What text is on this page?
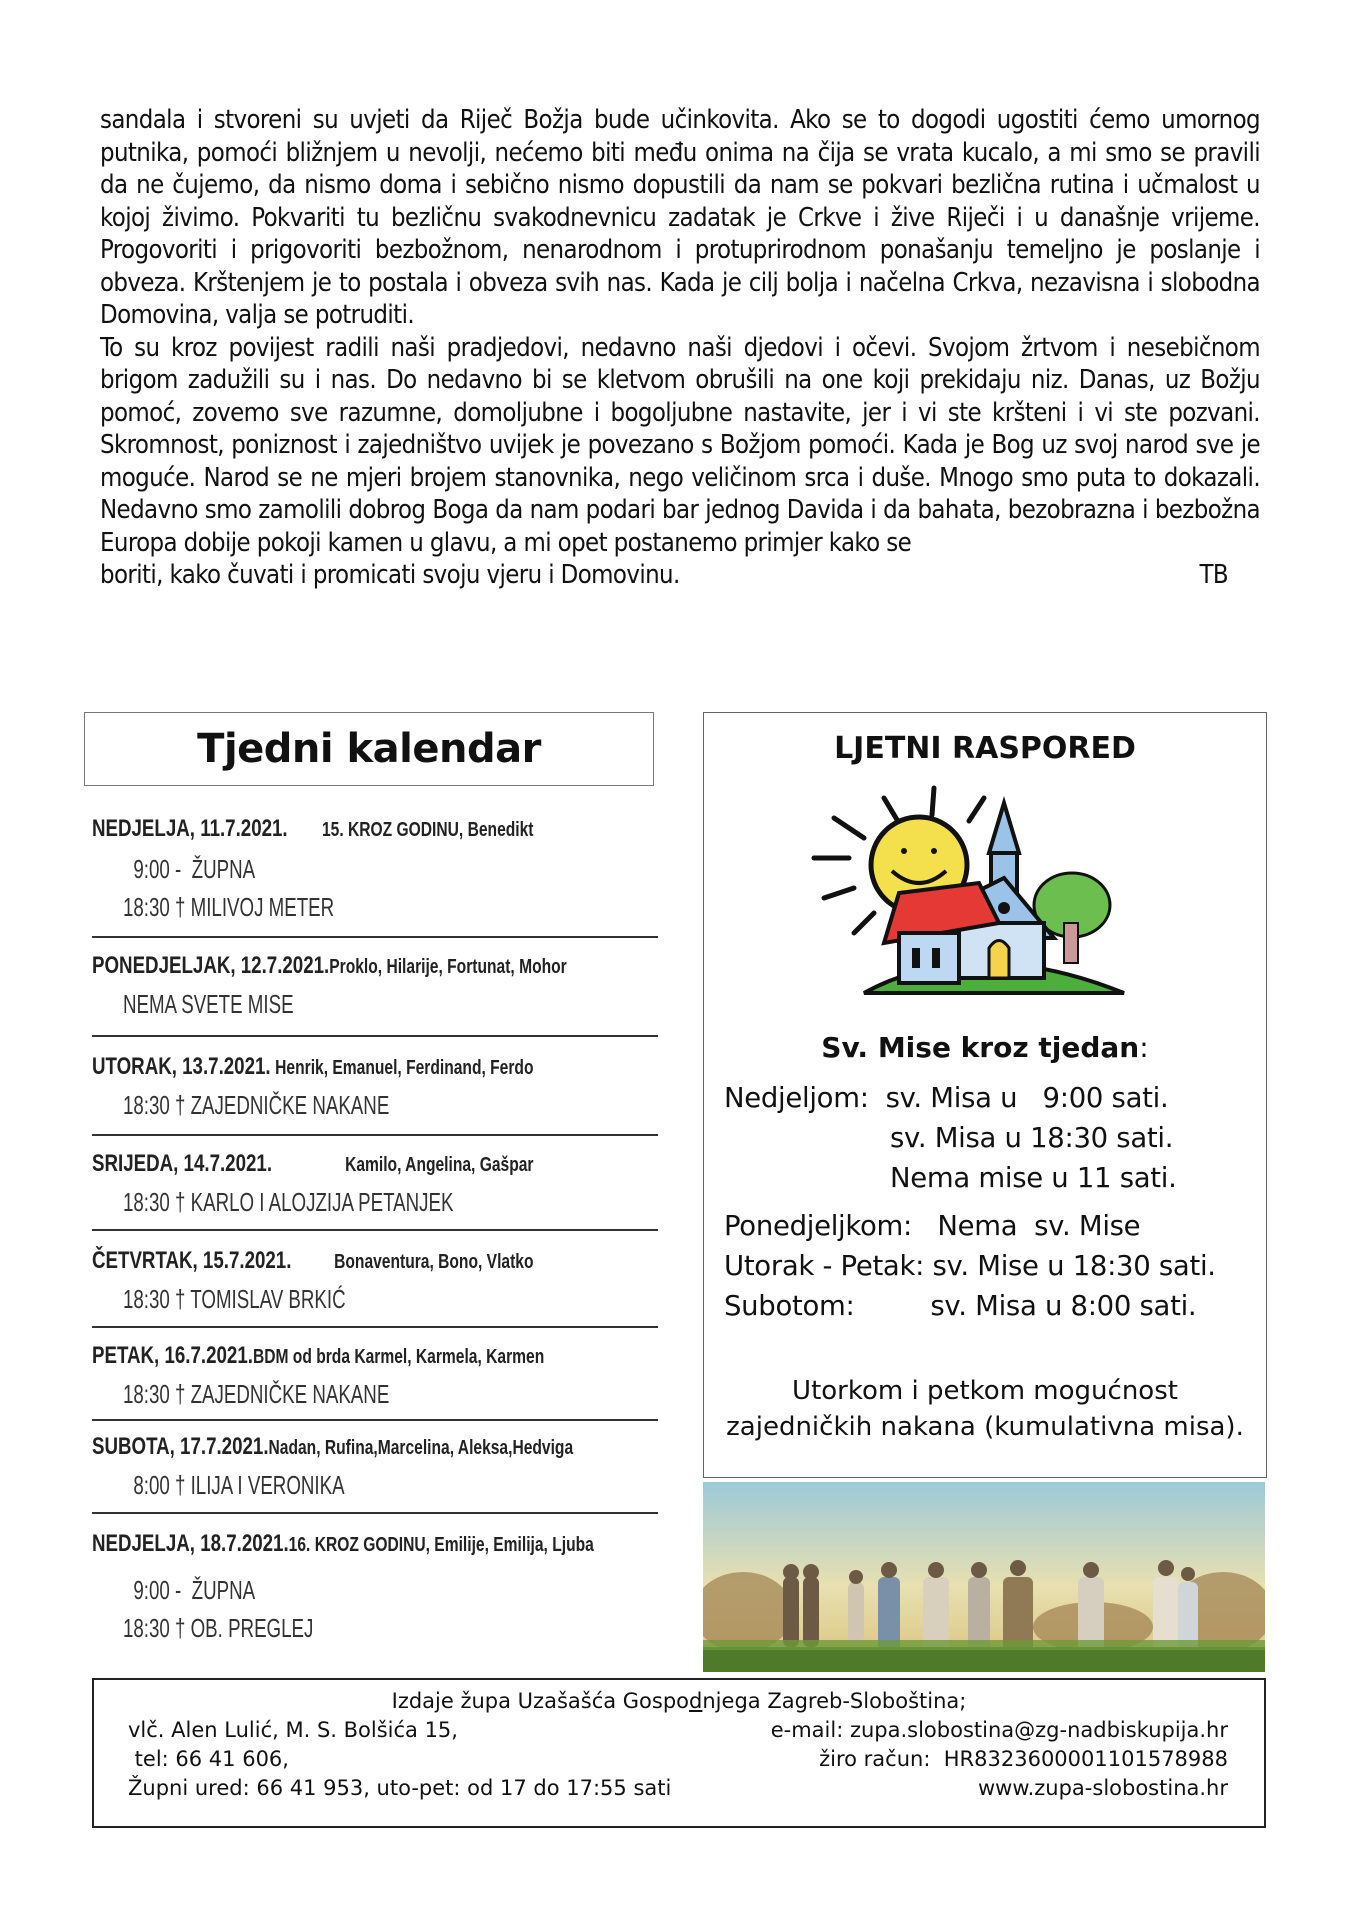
sandala i stvoreni su uvjeti da Riječ Božja bude učinkovita. Ako se to dogodi ugostiti ćemo umornog putnika, pomoći bližnjem u nevolji, nećemo biti među onima na čija se vrata kucalo, a mi smo se pravili da ne čujemo, da nismo doma i sebično nismo dopustili da nam se pokvari bezlična rutina i učmalost u kojoj živimo. Pokvariti tu bezličnu svakodnevnicu zadatak je Crkve i žive Riječi i u današnje vrijeme. Progovoriti i prigovoriti bezbožnom, nenarodnom i protuprirodnom ponašanju temeljno je poslanje i obveza. Krštenjem je to postala i obveza svih nas. Kada je cilj bolja i načelna Crkva, nezavisna i slobodna Domovina, valja se potruditi.

To su kroz povijest radili naši pradjedovi, nedavno naši djedovi i očevi. Svojom žrtvom i nesebičnom brigom zadužili su i nas. Do nedavno bi se kletvom obrušili na one koji prekidaju niz. Danas, uz Božju pomoć, zovemo sve razumne, domoljubne i bogoljubne nastavite, jer i vi ste kršteni i vi ste pozvani. Skromnost, poniznost i zajedništvo uvijek je povezano s Božjom pomoći. Kada je Bog uz svoj narod sve je moguće. Narod se ne mjeri brojem stanovnika, nego veličinom srca i duše. Mnogo smo puta to dokazali. Nedavno smo zamolili dobrog Boga da nam podari bar jednog Davida i da bahata, bezobrazna i bezbožna Europa dobije pokoji kamen u glavu, a mi opet postanemo primjer kako se

boriti, kako čuvati i promicati svoju vjeru i Domovinu.	TB
Tjedni kalendar
NEDJELJA, 11.7.2021.	15. KROZ GODINU, Benedikt
9:00 -  ŽUPNA
18:30 † MILIVOJ METER
PONEDJELJAK, 12.7.2021. Proklo, Hilarije, Fortunat, Mohor
NEMA SVETE MISE
UTORAK, 13.7.2021. Henrik, Emanuel, Ferdinand, Ferdo
18:30 † ZAJEDNIČKE NAKANE
SRIJEDA, 14.7.2021.	Kamilo, Angelina, Gašpar
18:30 † KARLO I ALOJZIJA PETANJEK
ČETVRTAK, 15.7.2021.	Bonaventura, Bono, Vlatko
18:30 † TOMISLAV BRKIĆ
PETAK, 16.7.2021. BDM od brda Karmel, Karmela, Karmen
18:30 † ZAJEDNIČKE NAKANE
SUBOTA, 17.7.2021. Nadan, Rufina,Marcelina, Aleksa,Hedviga
8:00 † ILIJA I VERONIKA
NEDJELJA, 18.7.2021. 16. KROZ GODINU, Emilije, Emilija, Ljuba
9:00 -  ŽUPNA
18:30 † OB. PREGLEJ
LJETNI RASPORED
Sv. Mise kroz tjedan:
Nedjeljom: sv. Misa u   9:00 sati.
sv. Misa u 18:30 sati.
Nema mise u 11 sati.
Ponedjeljkom: Nema  sv. Mise
Utorak - Petak: sv. Mise u 18:30 sati.
Subotom: sv. Misa u 8:00 sati.
Utorkom i petkom mogućnost
zajedničkih nakana (kumulativna misa).
Izdaje župa Uzašašća Gospodnjega Zagreb-Sloboština;
vlč. Alen Lulić, M. S. Bolšića 15,
tel: 66 41 606,
Župni ured: 66 41 953, uto-pet: od 17 do 17:55 sati
e-mail: zupa.slobostina@zg-nadbiskupija.hr
žiro račun:  HR8323600001101578988
www.zupa-slobostina.hr
